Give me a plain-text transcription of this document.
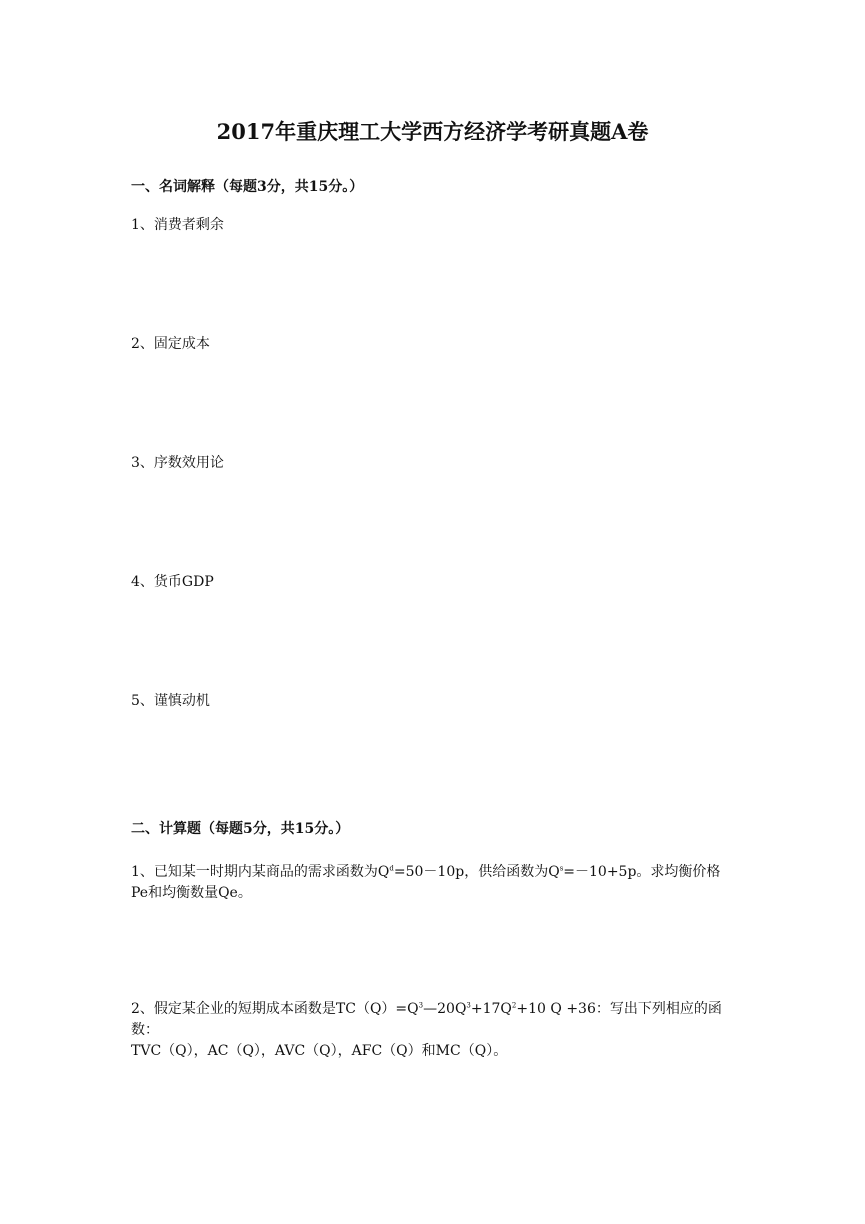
2017年重庆理工大学西方经济学考研真题A卷

一、名词解释（每题3分，共15分。）

1、消费者剩余

2、固定成本

3、序数效用论

4、货币GDP

5、谨慎动机

二、计算题（每题5分，共15分。）

1、已知某一时期内某商品的需求函数为$Q^d=50-10p$，供给函数为$Q^s=-10+5p$。求均衡价格
Pe和均衡数量Qe。
2、假定某企业的短期成本函数是$TC(Q)=Q^3—20Q^3+17Q^2+10$ Q +36：写出下列相应的函数：
TVC（Q），AC（Q），AVC（Q），AFC（Q）和MC（Q）。
